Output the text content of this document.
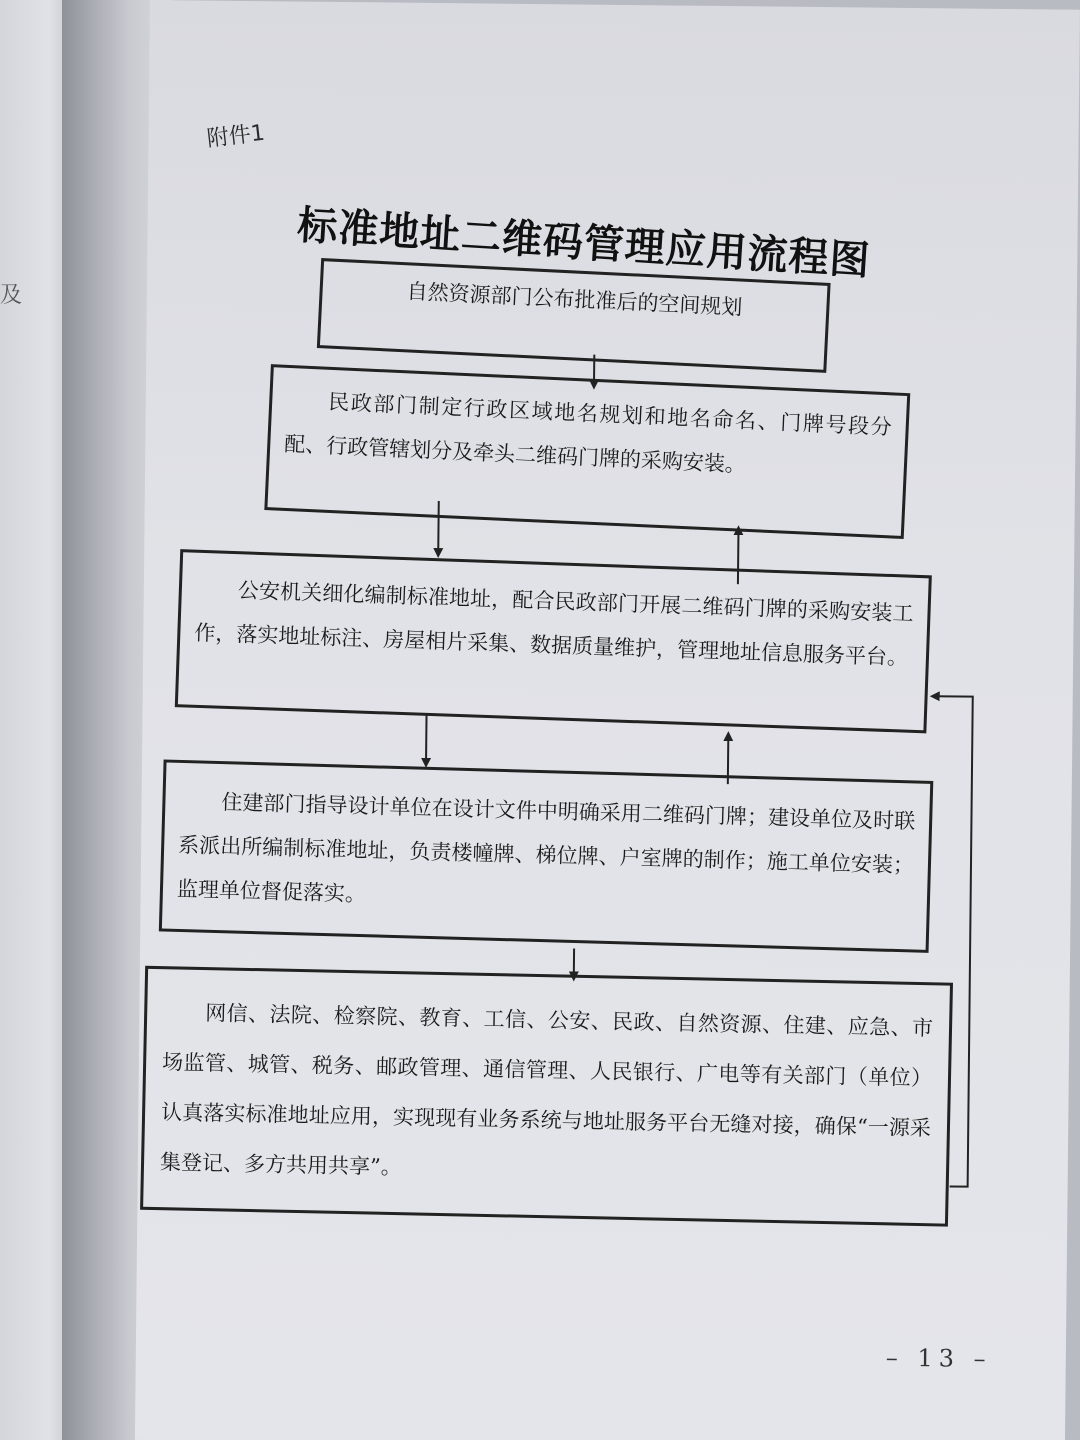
及
附件1
标准地址二维码管理应用流程图

自然资源部门公布批准后的空间规划

民政部门制定行政区域地名规划和地名命名、门牌号段分配、行政管辖划分及牵头二维码门牌的采购安装。

公安机关细化编制标准地址，配合民政部门开展二维码门牌的采购安装工作，落实地址标注、房屋相片采集、数据质量维护，管理地址信息服务平台。

住建部门指导设计单位在设计文件中明确采用二维码门牌；建设单位及时联系派出所编制标准地址，负责楼幢牌、梯位牌、户室牌的制作；施工单位安装；监理单位督促落实。

网信、法院、检察院、教育、工信、公安、民政、自然资源、住建、应急、市场监管、城管、税务、邮政管理、通信管理、人民银行、广电等有关部门（单位）认真落实标准地址应用，实现现有业务系统与地址服务平台无缝对接，确保“一源采集登记、多方共用共享”。

– 13 –
